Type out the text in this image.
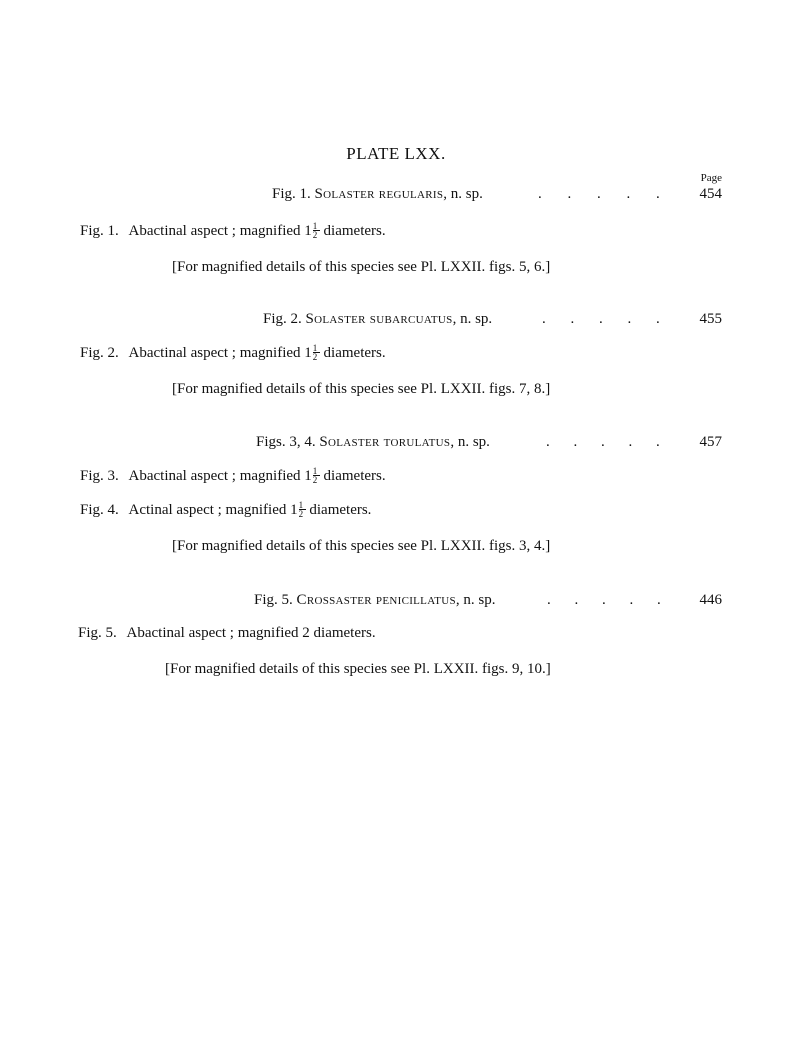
PLATE LXX.
Page
Fig. 1. Solaster regularis, n. sp.	. . . . .	454
Fig. 1. Abactinal aspect ; magnified $1 \frac{1}{2}$ diameters.
[For magnified details of this species see Pl. LXXII. figs. 5, 6.]
Fig. 2. Solaster subarcuatus, n. sp.	. . . . .	455
Fig. 2. Abactinal aspect ; magnified $1 \frac{1}{2}$ diameters.
[For magnified details of this species see Pl. LXXII. figs. 7, 8.]
Figs. 3, 4. Solaster torulatus, n. sp.	. . . . .	457
Fig. 3. Abactinal aspect ; magnified $1 \frac{1}{2}$ diameters.
Fig. 4. Actinal aspect ; magnified $1 \frac{1}{2}$ diameters.
[For magnified details of this species see Pl. LXXII. figs. 3, 4.]
Fig. 5. Crossaster penicillatus, n. sp.	. . . . .	446
Fig. 5. Abactinal aspect ; magnified 2 diameters.
[For magnified details of this species see Pl. LXXII. figs. 9, 10.]
